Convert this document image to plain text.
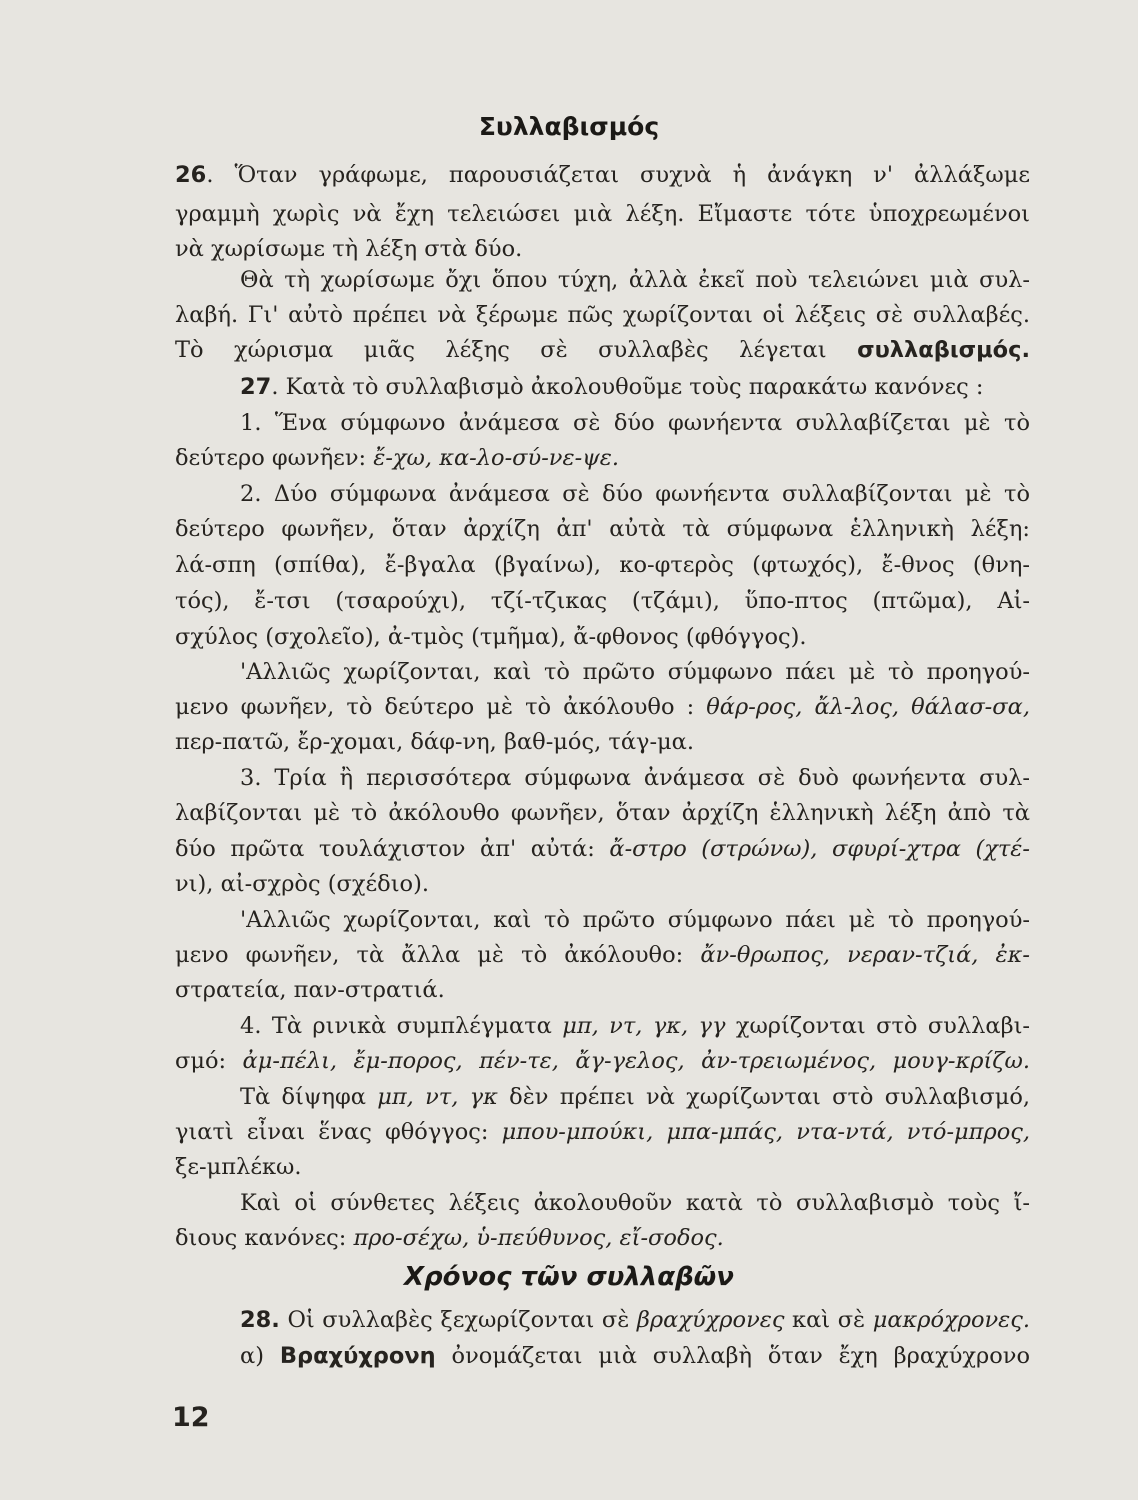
Συλλαβισμός
26. Ὅταν γράφωμε, παρουσιάζεται συχνὰ ἡ ἀνάγκη ν' ἀλλάξωμε
γραμμὴ χωρὶς νὰ ἔχη τελειώσει μιὰ λέξη. Εἴμαστε τότε ὑποχρεωμένοι
νὰ χωρίσωμε τὴ λέξη στὰ δύο.
Θὰ τὴ χωρίσωμε ὄχι ὅπου τύχη, ἀλλὰ ἐκεῖ ποὺ τελειώνει μιὰ συλ-
λαβή. Γι' αὐτὸ πρέπει νὰ ξέρωμε πῶς χωρίζονται οἱ λέξεις σὲ συλλαβές.
Τὸ χώρισμα μιᾶς λέξης σὲ συλλαβὲς λέγεται συλλαβισμός.
27. Κατὰ τὸ συλλαβισμὸ ἀκολουθοῦμε τοὺς παρακάτω κανόνες :
1. Ἕνα σύμφωνο ἀνάμεσα σὲ δύο φωνήεντα συλλαβίζεται μὲ τὸ
δεύτερο φωνῆεν: ἔ-χω, κα-λο-σύ-νε-ψε.
2. Δύο σύμφωνα ἀνάμεσα σὲ δύο φωνήεντα συλλαβίζονται μὲ τὸ
δεύτερο φωνῆεν, ὅταν ἀρχίζη ἀπ' αὐτὰ τὰ σύμφωνα ἑλληνικὴ λέξη:
λά-σπη (σπίθα), ἔ-βγαλα (βγαίνω), κο-φτερὸς (φτωχός), ἔ-θνος (θνη-
τός), ἔ-τσι (τσαρούχι), τζί-τζικας (τζάμι), ὕπο-πτος (πτῶμα), Αἰ-
σχύλος (σχολεῖο), ἀ-τμὸς (τμῆμα), ἄ-φθονος (φθόγγος).
'Αλλιῶς χωρίζονται, καὶ τὸ πρῶτο σύμφωνο πάει μὲ τὸ προηγού-
μενο φωνῆεν, τὸ δεύτερο μὲ τὸ ἀκόλουθο : θάρ-ρος, ἄλ-λος, θάλασ-σα,
περ-πατῶ, ἔρ-χομαι, δάφ-νη, βαθ-μός, τάγ-μα.
3. Τρία ἢ περισσότερα σύμφωνα ἀνάμεσα σὲ δυὸ φωνήεντα συλ-
λαβίζονται μὲ τὸ ἀκόλουθο φωνῆεν, ὅταν ἀρχίζη ἑλληνικὴ λέξη ἀπὸ τὰ
δύο πρῶτα τουλάχιστον ἀπ' αὐτά: ἄ-στρο (στρώνω), σφυρί-χτρα (χτέ-
νι), αἰ-σχρὸς (σχέδιο).
'Αλλιῶς χωρίζονται, καὶ τὸ πρῶτο σύμφωνο πάει μὲ τὸ προηγού-
μενο φωνῆεν, τὰ ἄλλα μὲ τὸ ἀκόλουθο: ἄν-θρωπος, νεραν-τζιά, ἐκ-
στρατεία, παν-στρατιά.
4. Τὰ ρινικὰ συμπλέγματα μπ, ντ, γκ, γγ χωρίζονται στὸ συλλαβι-
σμό: ἀμ-πέλι, ἔμ-πορος, πέν-τε, ἄγ-γελος, ἀν-τρειωμένος, μουγ-κρίζω.
Τὰ δίψηφα μπ, ντ, γκ δὲν πρέπει νὰ χωρίζωνται στὸ συλλαβισμό,
γιατὶ εἶναι ἕνας φθόγγος: μπου-μπούκι, μπα-μπάς, ντα-ντά, ντό-μπρος,
ξε-μπλέκω.
Καὶ οἱ σύνθετες λέξεις ἀκολουθοῦν κατὰ τὸ συλλαβισμὸ τοὺς ἴ-
διους κανόνες: προ-σέχω, ὑ-πεύθυνος, εἴ-σοδος.
Χρόνος τῶν συλλαβῶν
28. Οἱ συλλαβὲς ξεχωρίζονται σὲ βραχύχρονες καὶ σὲ μακρόχρονες.
α) Βραχύχρονη ὀνομάζεται μιὰ συλλαβὴ ὅταν ἔχη βραχύχρονο
12
